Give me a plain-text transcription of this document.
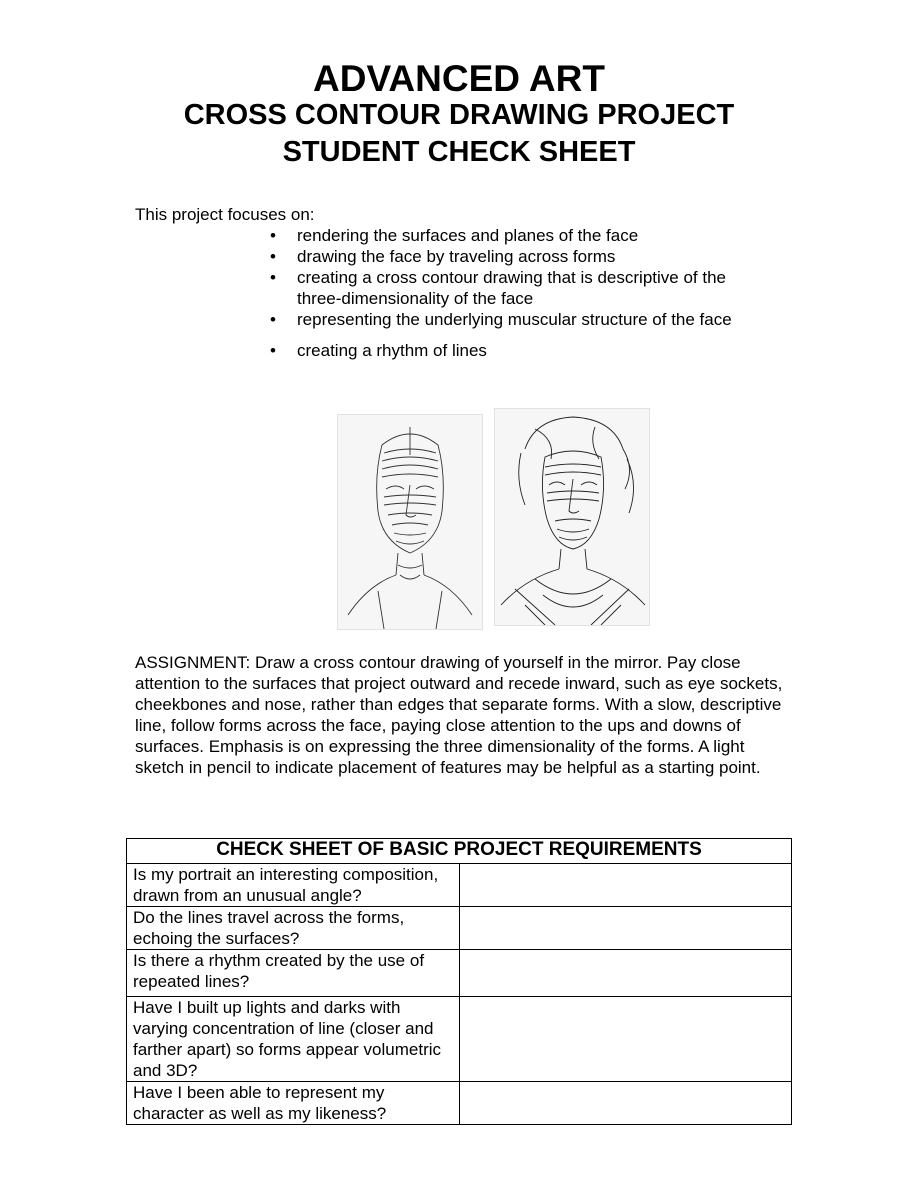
ADVANCED ART
CROSS CONTOUR DRAWING PROJECT
STUDENT CHECK SHEET
This project focuses on:
• rendering the surfaces and planes of the face
• drawing the face by traveling across forms
• creating a cross contour drawing that is descriptive of the three-dimensionality of the face
• representing the underlying muscular structure of the face
• creating a rhythm of lines
ASSIGNMENT: Draw a cross contour drawing of yourself in the mirror. Pay close attention to the surfaces that project outward and recede inward, such as eye sockets, cheekbones and nose, rather than edges that separate forms. With a slow, descriptive line, follow forms across the face, paying close attention to the ups and downs of surfaces. Emphasis is on expressing the three dimensionality of the forms. A light sketch in pencil to indicate placement of features may be helpful as a starting point.
CHECK SHEET OF BASIC PROJECT REQUIREMENTS	
Is my portrait an interesting composition, drawn from an unusual angle?	
Do the lines travel across the forms, echoing the surfaces?	
Is there a rhythm created by the use of repeated lines?	
Have I built up lights and darks with varying concentration of line (closer and farther apart) so forms appear volumetric and 3D?	
Have I been able to represent my character as well as my likeness?	
